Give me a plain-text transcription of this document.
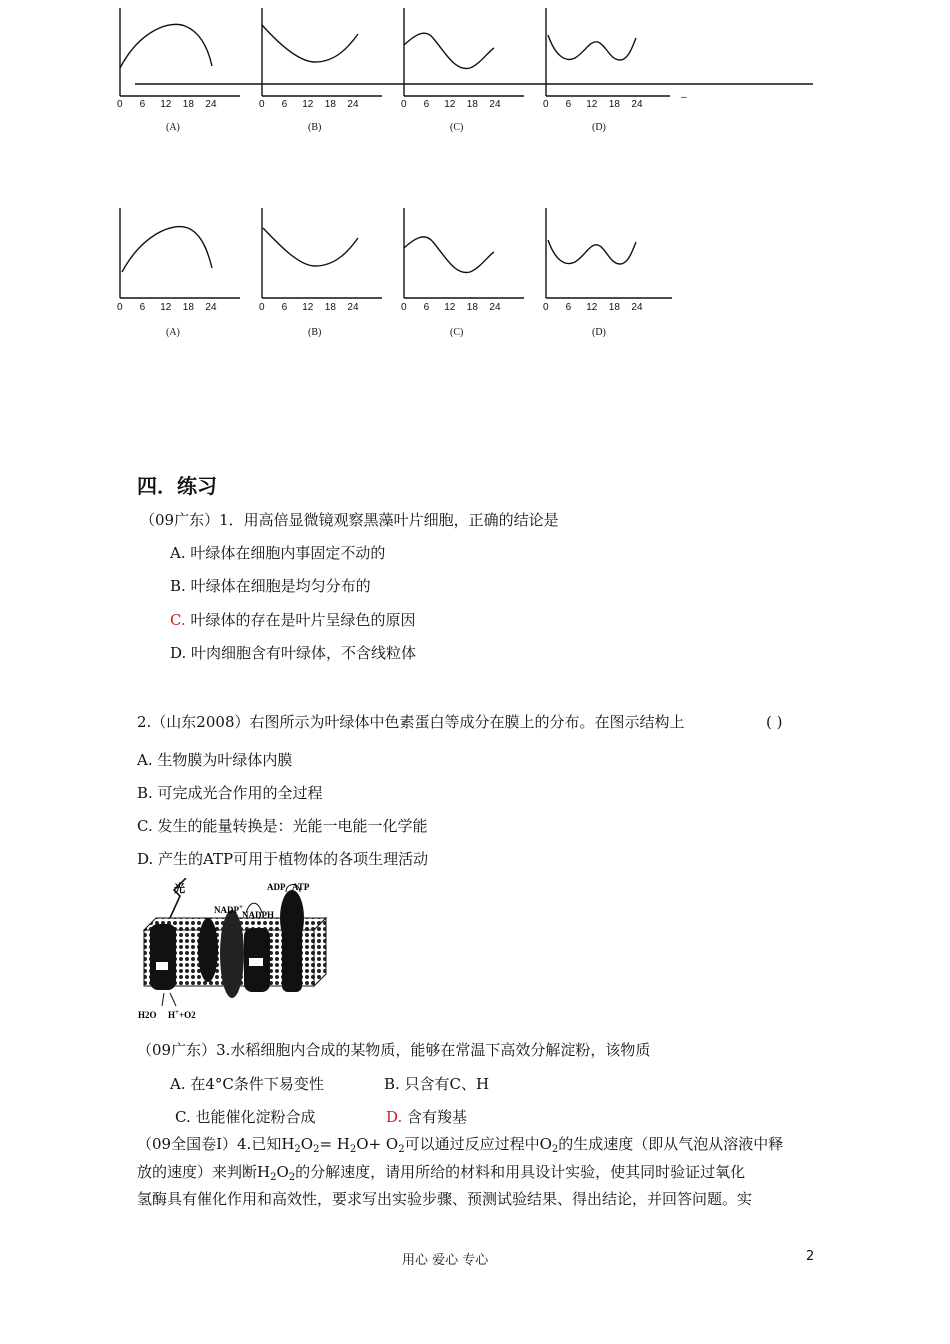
–
0 6 12 18 24
(A)
0 6 12 18 24
(B)
0 6 12 18 24
(C)
0 6 12 18 24
(D)
0 6 12 18 24
(A)
0 6 12 18 24
(B)
0 6 12 18 24
(C)
0 6 12 18 24
(D)
四．练习
（09广东）1．用高倍显微镜观察黑藻叶片细胞，正确的结论是
A. 叶绿体在细胞内事固定不动的
B. 叶绿体在细胞是均匀分布的
C. 叶绿体的存在是叶片呈绿色的原因
D. 叶肉细胞含有叶绿体，不含线粒体
2.（山东2008）右图所示为叶绿体中色素蛋白等成分在膜上的分布。在图示结构上	( )
A. 生物膜为叶绿体内膜
B. 可完成光合作用的全过程
C. 发生的能量转换是：光能一电能一化学能
D. 产生的ATP可用于植物体的各项生理活动
光	ADP ATP
NADP+
NADPH
H2O H++O2
（09广东）3.水稻细胞内合成的某物质，能够在常温下高效分解淀粉，该物质
A. 在4°C条件下易变性	B. 只含有C、H
C. 也能催化淀粉合成	D. 含有羧基
（09全国卷I）4.已知$H_2O_2= H_2O+ O_2$可以通过反应过程中$O_2$的生成速度（即从气泡从溶液中释
放的速度）来判断$H_2O_2$的分解速度，请用所给的材料和用具设计实验，使其同时验证过氧化
氢酶具有催化作用和高效性，要求写出实验步骤、预测试验结果、得出结论，并回答问题。实
用心 爱心 专心	2
